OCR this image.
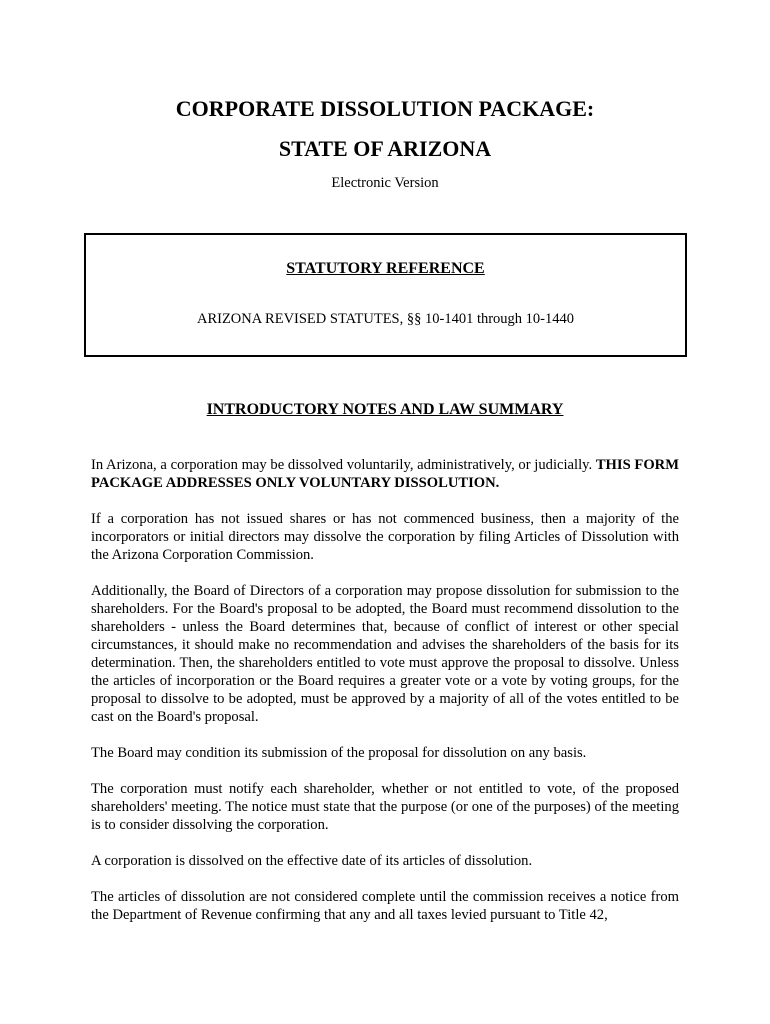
CORPORATE DISSOLUTION PACKAGE:
STATE OF ARIZONA
Electronic Version
STATUTORY REFERENCE
ARIZONA REVISED STATUTES, §§ 10-1401 through 10-1440
INTRODUCTORY NOTES AND LAW SUMMARY

In Arizona, a corporation may be dissolved voluntarily, administratively, or judicially. THIS FORM PACKAGE ADDRESSES ONLY VOLUNTARY DISSOLUTION.

If a corporation has not issued shares or has not commenced business, then a majority of the incorporators or initial directors may dissolve the corporation by filing Articles of Dissolution with the Arizona Corporation Commission.

Additionally, the Board of Directors of a corporation may propose dissolution for submission to the shareholders. For the Board's proposal to be adopted, the Board must recommend dissolution to the shareholders - unless the Board determines that, because of conflict of interest or other special circumstances, it should make no recommendation and advises the shareholders of the basis for its determination. Then, the shareholders entitled to vote must approve the proposal to dissolve. Unless the articles of incorporation or the Board requires a greater vote or a vote by voting groups, for the proposal to dissolve to be adopted, must be approved by a majority of all of the votes entitled to be cast on the Board's proposal.

The Board may condition its submission of the proposal for dissolution on any basis.

The corporation must notify each shareholder, whether or not entitled to vote, of the proposed shareholders' meeting. The notice must state that the purpose (or one of the purposes) of the meeting is to consider dissolving the corporation.

A corporation is dissolved on the effective date of its articles of dissolution.

The articles of dissolution are not considered complete until the commission receives a notice from the Department of Revenue confirming that any and all taxes levied pursuant to Title 42,
